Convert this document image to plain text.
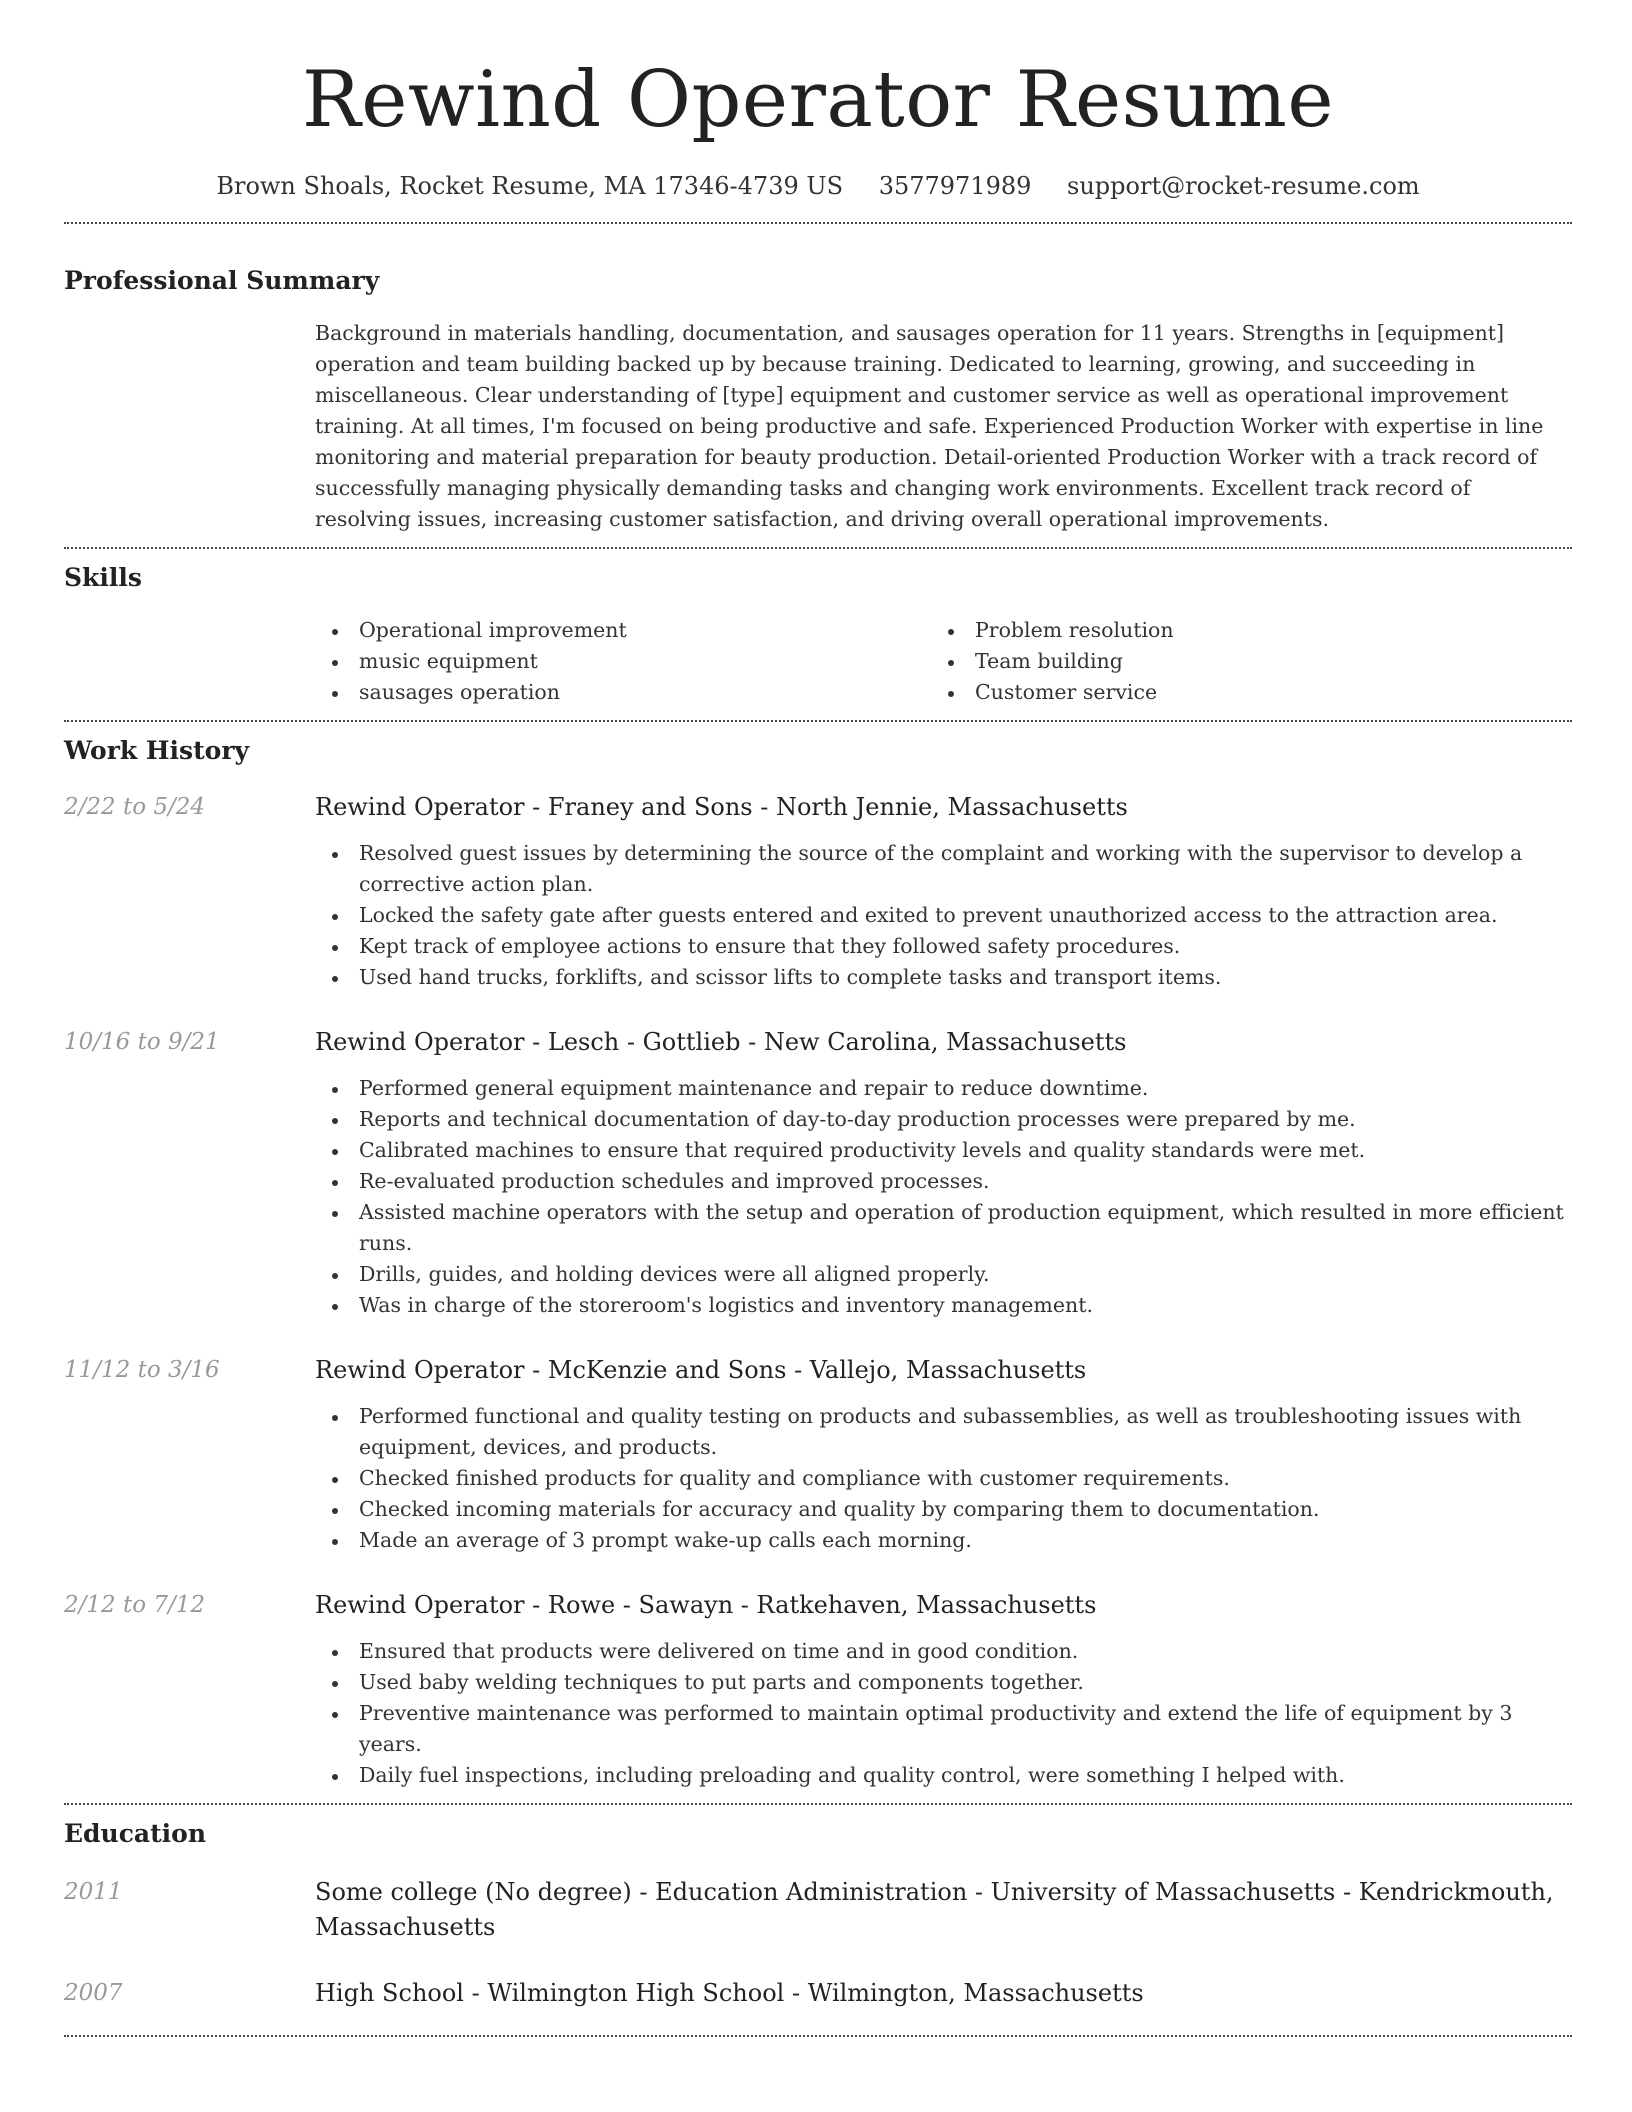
Rewind Operator Resume
Brown Shoals, Rocket Resume, MA 17346-4739 US 3577971989 support@rocket-resume.com
Professional Summary

Background in materials handling, documentation, and sausages operation for 11 years. Strengths in [equipment] operation and team building backed up by because training. Dedicated to learning, growing, and succeeding in miscellaneous. Clear understanding of [type] equipment and customer service as well as operational improvement training. At all times, I'm focused on being productive and safe. Experienced Production Worker with expertise in line monitoring and material preparation for beauty production. Detail-oriented Production Worker with a track record of successfully managing physically demanding tasks and changing work environments. Excellent track record of resolving issues, increasing customer satisfaction, and driving overall operational improvements.

Skills
Operational improvement
music equipment
sausages operation
Problem resolution
Team building
Customer service
Work History
2/22 to 5/24	Rewind Operator - Franey and Sons - North Jennie, Massachusetts
Resolved guest issues by determining the source of the complaint and working with the supervisor to develop a corrective action plan.
Locked the safety gate after guests entered and exited to prevent unauthorized access to the attraction area.
Kept track of employee actions to ensure that they followed safety procedures.
Used hand trucks, forklifts, and scissor lifts to complete tasks and transport items.
10/16 to 9/21	Rewind Operator - Lesch - Gottlieb - New Carolina, Massachusetts
Performed general equipment maintenance and repair to reduce downtime.
Reports and technical documentation of day-to-day production processes were prepared by me.
Calibrated machines to ensure that required productivity levels and quality standards were met.
Re-evaluated production schedules and improved processes.
Assisted machine operators with the setup and operation of production equipment, which resulted in more efficient runs.
Drills, guides, and holding devices were all aligned properly.
Was in charge of the storeroom's logistics and inventory management.
11/12 to 3/16	Rewind Operator - McKenzie and Sons - Vallejo, Massachusetts
Performed functional and quality testing on products and subassemblies, as well as troubleshooting issues with equipment, devices, and products.
Checked finished products for quality and compliance with customer requirements.
Checked incoming materials for accuracy and quality by comparing them to documentation.
Made an average of 3 prompt wake-up calls each morning.
2/12 to 7/12	Rewind Operator - Rowe - Sawayn - Ratkehaven, Massachusetts
Ensured that products were delivered on time and in good condition.
Used baby welding techniques to put parts and components together.
Preventive maintenance was performed to maintain optimal productivity and extend the life of equipment by 3 years.
Daily fuel inspections, including preloading and quality control, were something I helped with.
Education
2011	Some college (No degree) - Education Administration - University of Massachusetts - Kendrickmouth, Massachusetts
2007	High School - Wilmington High School - Wilmington, Massachusetts
